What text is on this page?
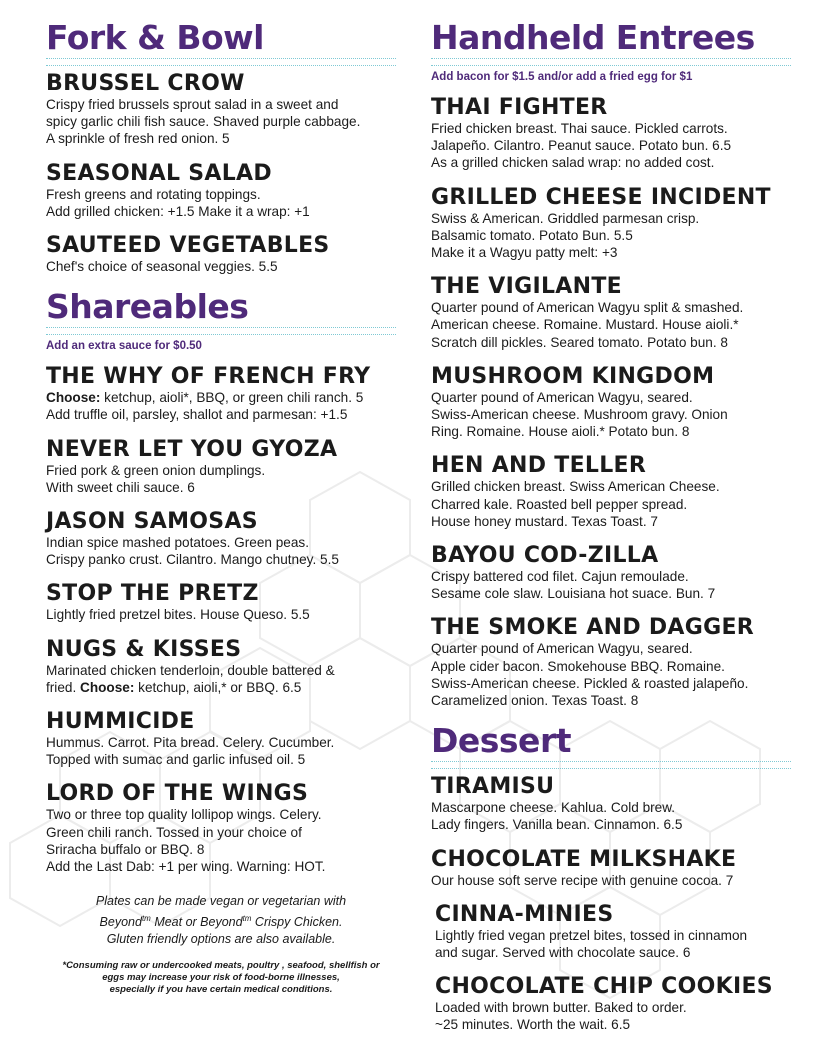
Fork & Bowl
BRUSSEL CROW

Crispy fried brussels sprout salad in a sweet and

spicy garlic chili fish sauce. Shaved purple cabbage.

A sprinkle of fresh red onion. 5

SEASONAL SALAD

Fresh greens and rotating toppings.

Add grilled chicken: +1.5 Make it a wrap: +1

SAUTEED VEGETABLES

Chef's choice of seasonal veggies. 5.5

Shareables

Add an extra sauce for $0.50

THE WHY OF FRENCH FRY

Choose: ketchup, aioli*, BBQ, or green chili ranch. 5

Add truffle oil, parsley, shallot and parmesan: +1.5

NEVER LET YOU GYOZA

Fried pork & green onion dumplings.

With sweet chili sauce. 6

JASON SAMOSAS

Indian spice mashed potatoes. Green peas.

Crispy panko crust. Cilantro. Mango chutney. 5.5

STOP THE PRETZ

Lightly fried pretzel bites. House Queso. 5.5

NUGS & KISSES

Marinated chicken tenderloin, double battered &

fried. Choose: ketchup, aioli,* or BBQ. 6.5

HUMMICIDE

Hummus. Carrot. Pita bread. Celery. Cucumber.

Topped with sumac and garlic infused oil. 5

LORD OF THE WINGS

Two or three top quality lollipop wings. Celery.

Green chili ranch. Tossed in your choice of

Sriracha buffalo or BBQ. 8

Add the Last Dab: +1 per wing. Warning: HOT.

Plates can be made vegan or vegetarian with
Beyond$^{tm}$ Meat or Beyond$^{tm}$ Crispy Chicken.
Gluten friendly options are also available.
*Consuming raw or undercooked meats, poultry , seafood, shellfish or
eggs may increase your risk of food-borne illnesses,
especially if you have certain medical conditions.
Handheld Entrees

Add bacon for $1.5 and/or add a fried egg for $1

THAI FIGHTER

Fried chicken breast. Thai sauce. Pickled carrots.

Jalapeño. Cilantro. Peanut sauce. Potato bun. 6.5

As a grilled chicken salad wrap: no added cost.

GRILLED CHEESE INCIDENT

Swiss & American. Griddled parmesan crisp.

Balsamic tomato. Potato Bun. 5.5

Make it a Wagyu patty melt: +3

THE VIGILANTE

Quarter pound of American Wagyu split & smashed.

American cheese. Romaine. Mustard. House aioli.*

Scratch dill pickles. Seared tomato. Potato bun. 8

MUSHROOM KINGDOM

Quarter pound of American Wagyu, seared.

Swiss-American cheese. Mushroom gravy. Onion

Ring. Romaine. House aioli.* Potato bun. 8

HEN AND TELLER

Grilled chicken breast. Swiss American Cheese.

Charred kale. Roasted bell pepper spread.

House honey mustard. Texas Toast. 7

BAYOU COD-ZILLA

Crispy battered cod filet. Cajun remoulade.

Sesame cole slaw. Louisiana hot suace. Bun. 7

THE SMOKE AND DAGGER

Quarter pound of American Wagyu, seared.

Apple cider bacon. Smokehouse BBQ. Romaine.

Swiss-American cheese. Pickled & roasted jalapeño.

Caramelized onion. Texas Toast. 8

Dessert
TIRAMISU

Mascarpone cheese. Kahlua. Cold brew.

Lady fingers. Vanilla bean. Cinnamon. 6.5

CHOCOLATE MILKSHAKE

Our house soft serve recipe with genuine cocoa. 7

CINNA-MINIES

Lightly fried vegan pretzel bites, tossed in cinnamon

and sugar. Served with chocolate sauce. 6

CHOCOLATE CHIP COOKIES

Loaded with brown butter. Baked to order.

~25 minutes. Worth the wait. 6.5
